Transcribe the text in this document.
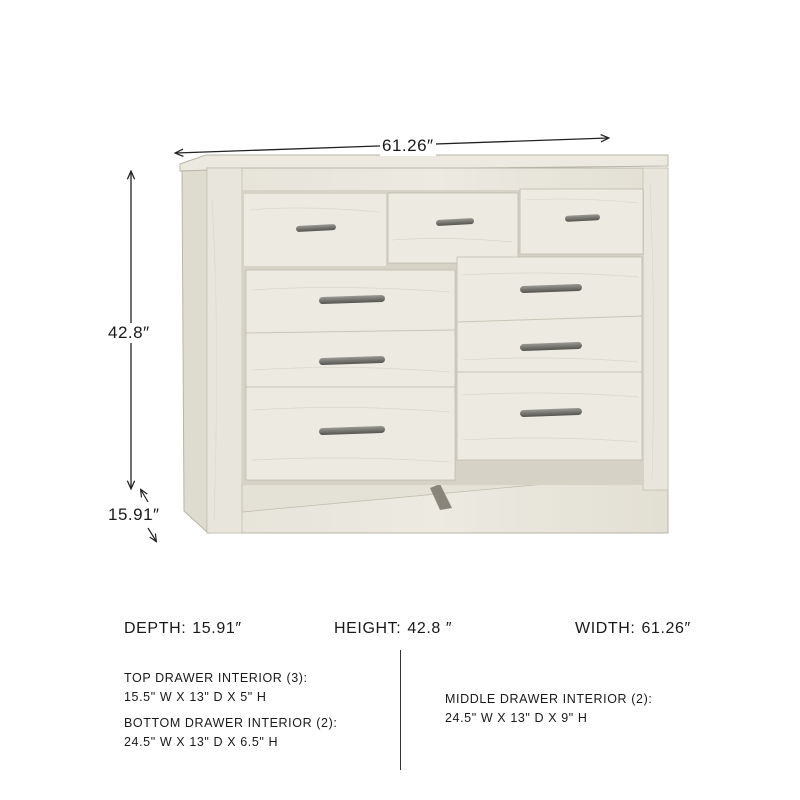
61.26″
42.8″
15.91″
DEPTH: 15.91″	HEIGHT: 42.8 ″	WIDTH: 61.26″
TOP DRAWER INTERIOR (3):
15.5" W X 13" D X 5" H
BOTTOM DRAWER INTERIOR (2):
24.5" W X 13" D X 6.5" H
MIDDLE DRAWER INTERIOR (2):
24.5" W X 13" D X 9" H
